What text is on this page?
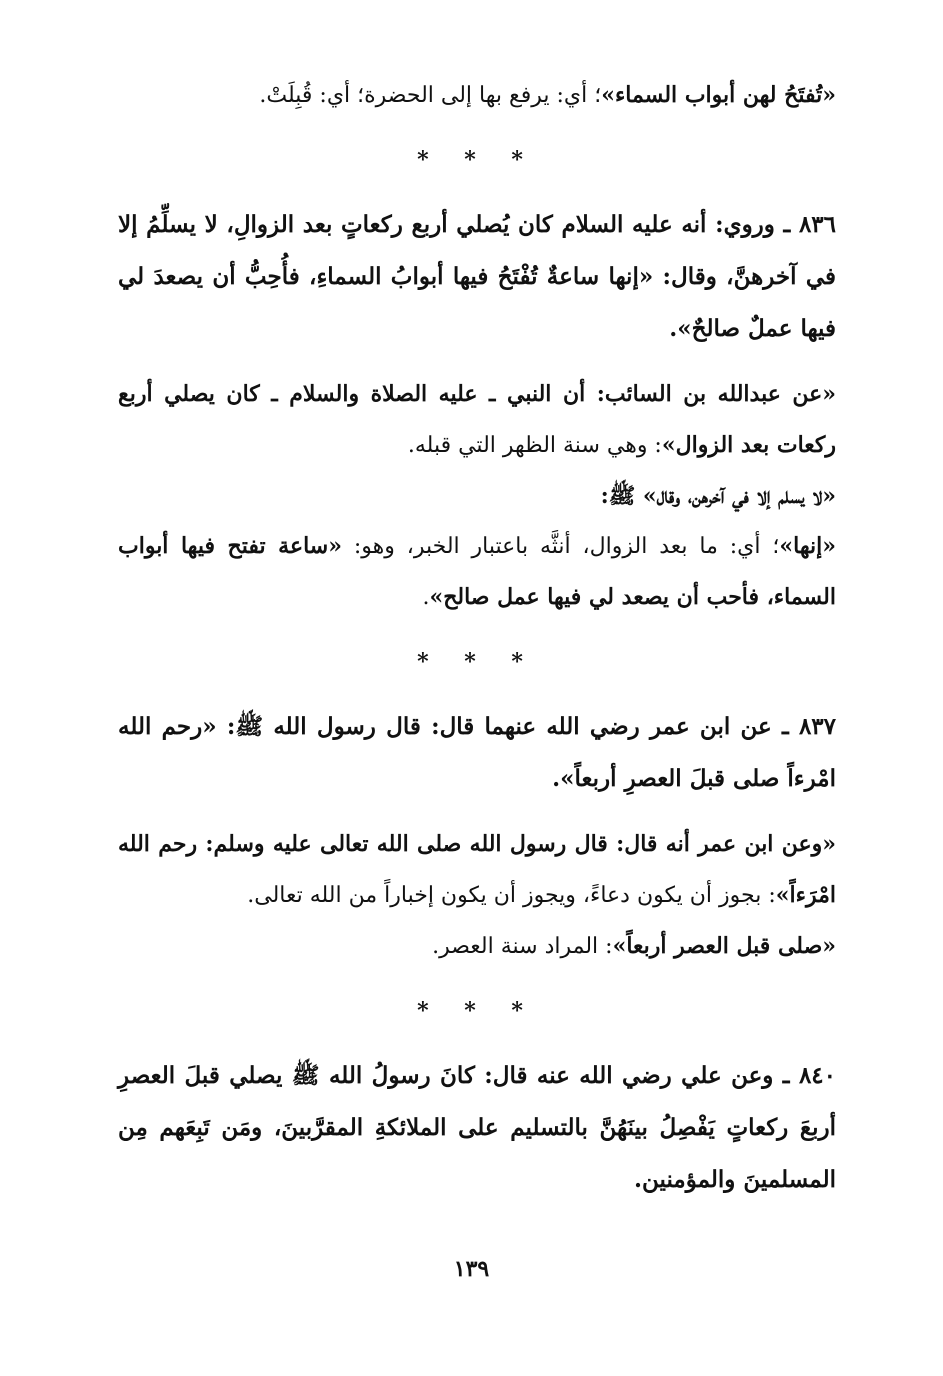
«تُفتَحُ لهن أبواب السماء»؛ أي: يرفع بها إلى الحضرة؛ أي: قُبِلَتْ.

* * *

٨٣٦ ـ وروي: أنه عليه السلام كان يُصلي أربع ركعاتٍ بعد الزوالِ، لا يسلِّمُ إلا في آخرهنَّ، وقال: «إنها ساعةٌ تُفْتَحُ فيها أبوابُ السماءِ، فأُحِبُّ أن يصعدَ لي فيها عملٌ صالحٌ».

«عن عبدالله بن السائب: أن النبي ـ عليه الصلاة والسلام ـ كان يصلي أربع ركعات بعد الزوال»: وهي سنة الظهر التي قبله.

«لا يسلم إلا في آخرهن، وقال» ﷺ:

«إنها»؛ أي: ما بعد الزوال، أنثَّه باعتبار الخبر، وهو: «ساعة تفتح فيها أبواب السماء، فأحب أن يصعد لي فيها عمل صالح».

* * *

٨٣٧ ـ عن ابن عمر رضي الله عنهما قال: قال رسول الله ﷺ: «رحم الله امْرءاً صلى قبلَ العصرِ أربعاً».

«وعن ابن عمر أنه قال: قال رسول الله صلى الله تعالى عليه وسلم: رحم الله امْرَءاً»: بجوز أن يكون دعاءً، ويجوز أن يكون إخباراً من الله تعالى.

«صلى قبل العصر أربعاً»: المراد سنة العصر.

* * *

٨٤٠ ـ وعن علي رضي الله عنه قال: كانَ رسولُ الله ﷺ يصلي قبلَ العصرِ أربعَ ركعاتٍ يَفْصِلُ بينَهُنَّ بالتسليم على الملائكةِ المقرَّبينَ، ومَن تَبِعَهم مِن المسلمينَ والمؤمنين.

١٣٩
